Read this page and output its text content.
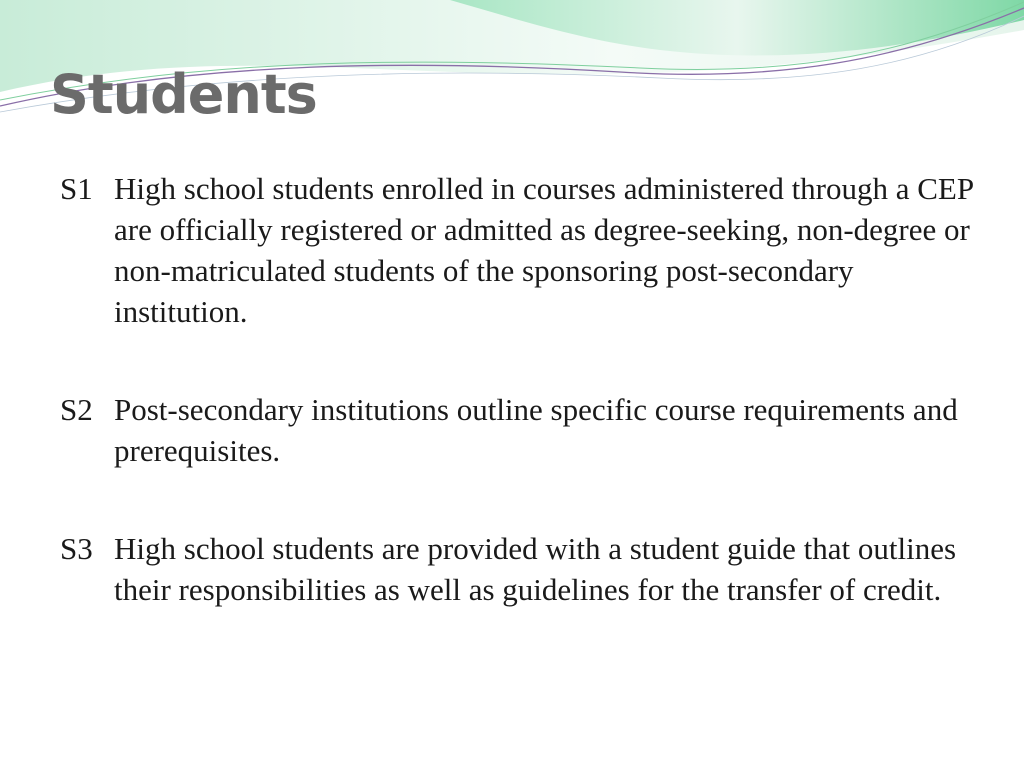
Students
S1 High school students enrolled in courses administered through a CEP are officially registered or admitted as degree-seeking, non-degree or non-matriculated students of the sponsoring post-secondary institution.
S2 Post-secondary institutions outline specific course requirements and prerequisites.
S3 High school students are provided with a student guide that outlines their responsibilities as well as guidelines for the transfer of credit.
